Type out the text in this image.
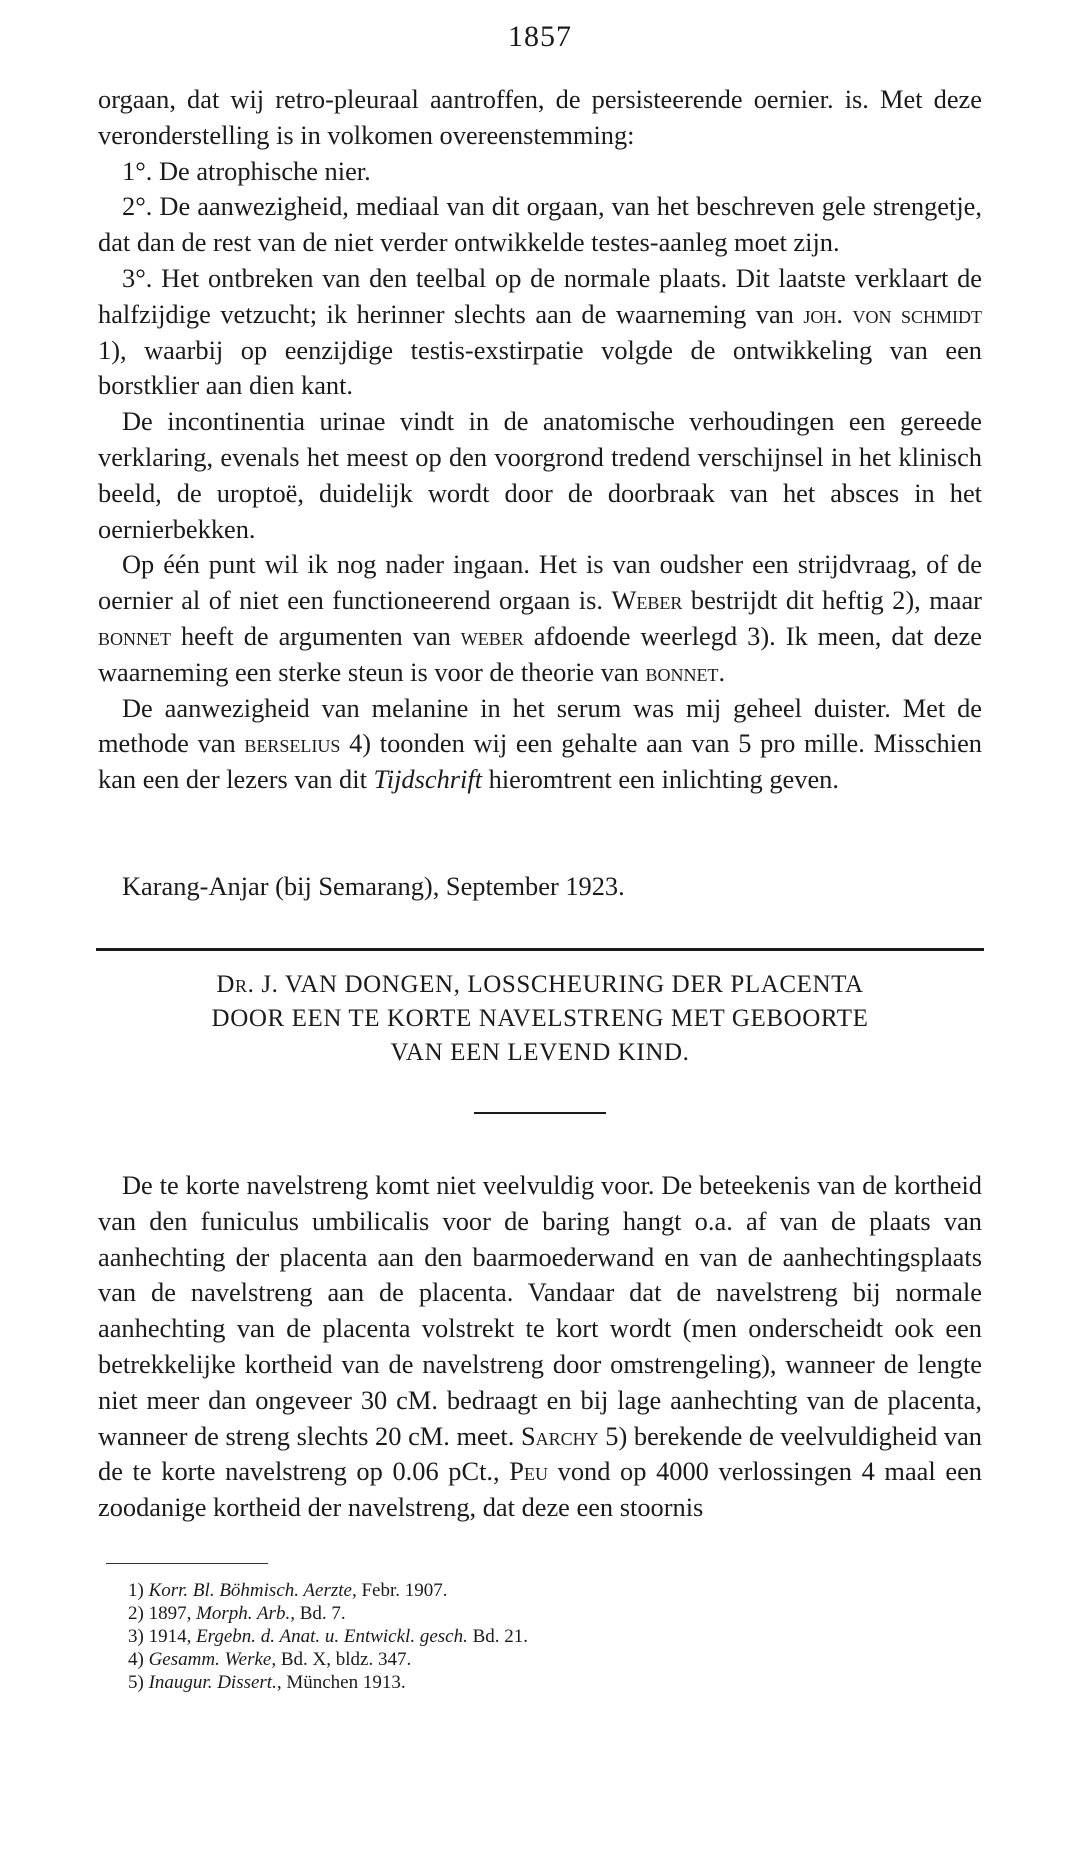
1857

orgaan, dat wij retro-pleuraal aantroffen, de persisteerende oernier. is. Met deze veronderstelling is in volkomen overeenstemming:

1°. De atrophische nier.

2°. De aanwezigheid, mediaal van dit orgaan, van het beschreven gele strengetje, dat dan de rest van de niet verder ontwikkelde testes-aanleg moet zijn.

3°. Het ontbreken van den teelbal op de normale plaats. Dit laatste verklaart de halfzijdige vetzucht; ik herinner slechts aan de waarneming van joh. von schmidt 1), waarbij op eenzijdige testis-exstirpatie volgde de ontwikkeling van een borstklier aan dien kant.

De incontinentia urinae vindt in de anatomische verhoudingen een gereede verklaring, evenals het meest op den voorgrond tredend verschijnsel in het klinisch beeld, de uroptoë, duidelijk wordt door de doorbraak van het absces in het oernierbekken.

Op één punt wil ik nog nader ingaan. Het is van oudsher een strijdvraag, of de oernier al of niet een functioneerend orgaan is. Weber bestrijdt dit heftig 2), maar bonnet heeft de argumenten van weber afdoende weerlegd 3). Ik meen, dat deze waarneming een sterke steun is voor de theorie van bonnet.

De aanwezigheid van melanine in het serum was mij geheel duister. Met de methode van berselius 4) toonden wij een gehalte aan van 5 pro mille. Misschien kan een der lezers van dit Tijdschrift hieromtrent een inlichting geven.

Karang-Anjar (bij Semarang), September 1923.
Dr. J. VAN DONGEN, LOSSCHEURING DER PLACENTA
DOOR EEN TE KORTE NAVELSTRENG MET GEBOORTE
VAN EEN LEVEND KIND.

De te korte navelstreng komt niet veelvuldig voor. De beteekenis van de kortheid van den funiculus umbilicalis voor de baring hangt o.a. af van de plaats van aanhechting der placenta aan den baarmoederwand en van de aanhechtingsplaats van de navelstreng aan de placenta. Vandaar dat de navelstreng bij normale aanhechting van de placenta volstrekt te kort wordt (men onderscheidt ook een betrekkelijke kortheid van de navelstreng door omstrengeling), wanneer de lengte niet meer dan ongeveer 30 cM. bedraagt en bij lage aanhechting van de placenta, wanneer de streng slechts 20 cM. meet. Sarchy 5) berekende de veelvuldigheid van de te korte navelstreng op 0.06 pCt., Peu vond op 4000 verlossingen 4 maal een zoodanige kortheid der navelstreng, dat deze een stoornis

1) Korr. Bl. Böhmisch. Aerzte, Febr. 1907.
2) 1897, Morph. Arb., Bd. 7.
3) 1914, Ergebn. d. Anat. u. Entwickl. gesch. Bd. 21.
4) Gesamm. Werke, Bd. X, bldz. 347.
5) Inaugur. Dissert., München 1913.
